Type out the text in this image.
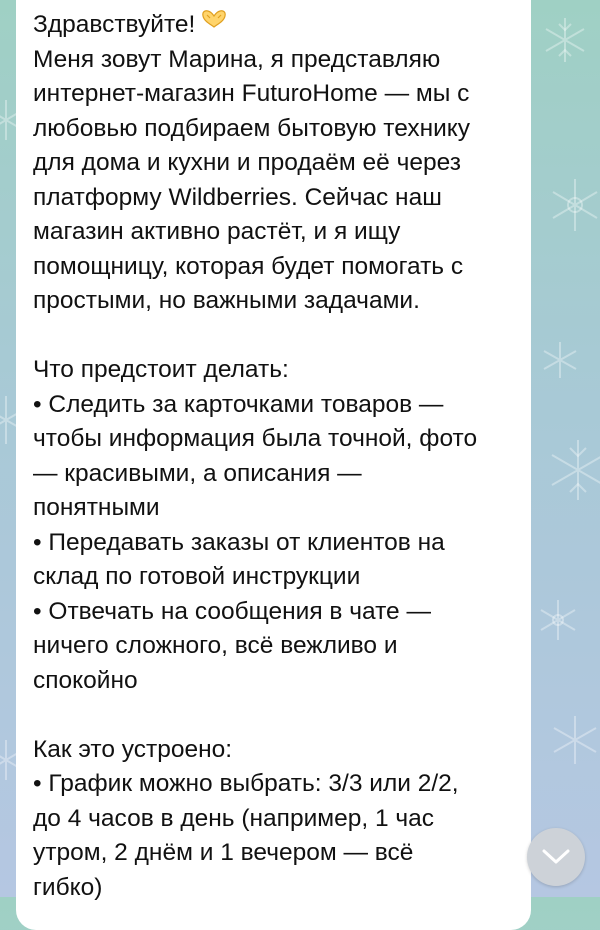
Здравствуйте!
Меня зовут Марина, я представляю
интернет-магазин FuturoHome — мы с
любовью подбираем бытовую технику
для дома и кухни и продаём её через
платформу Wildberries. Сейчас наш
магазин активно растёт, и я ищу
помощницу, которая будет помогать с
простыми, но важными задачами.
Что предстоит делать:
• Следить за карточками товаров —
чтобы информация была точной, фото
— красивыми, а описания —
понятными
• Передавать заказы от клиентов на
склад по готовой инструкции
• Отвечать на сообщения в чате —
ничего сложного, всё вежливо и
спокойно
Как это устроено:
• График можно выбрать: 3/3 или 2/2,
до 4 часов в день (например, 1 час
утром, 2 днём и 1 вечером — всё
гибко)
